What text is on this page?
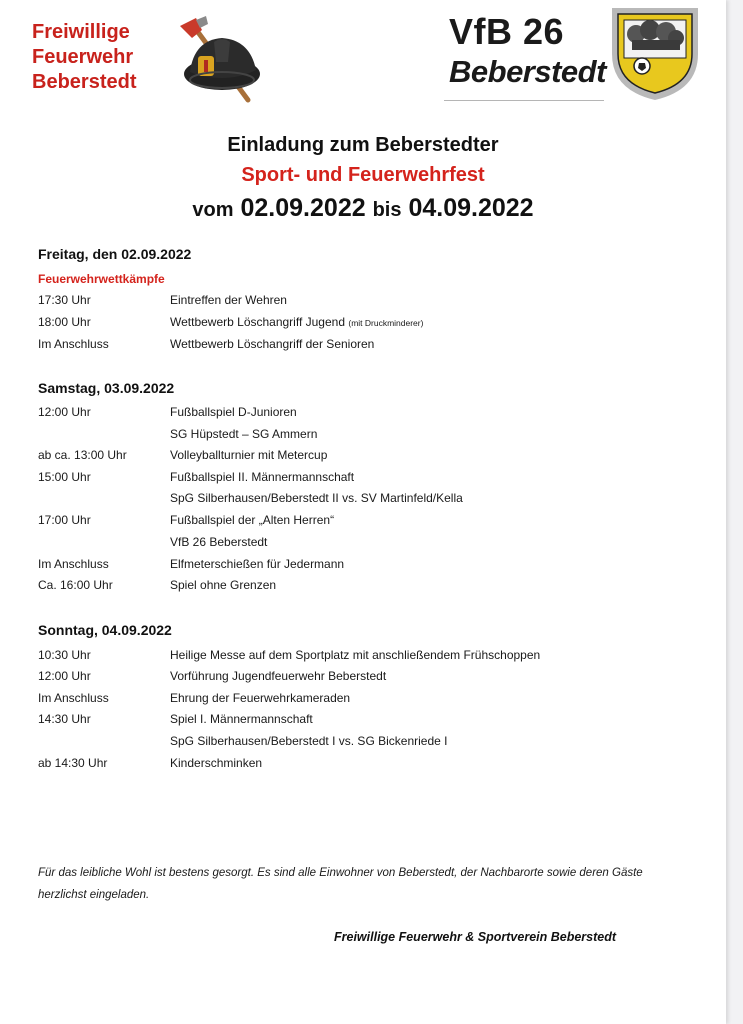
Freiwillige
Feuerwehr
Beberstedt
VfB 26
Beberstedt
Einladung zum Beberstedter
Sport- und Feuerwehrfest
vom 02.09.2022 bis 04.09.2022
Freitag, den 02.09.2022
Feuerwehrwettkämpfe
17:30 Uhr	Eintreffen der Wehren
18:00 Uhr	Wettbewerb Löschangriff Jugend (mit Druckminderer)
Im Anschluss	Wettbewerb Löschangriff der Senioren
Samstag, 03.09.2022
12:00 Uhr	Fußballspiel D-Junioren
SG Hüpstedt – SG Ammern
ab ca. 13:00 Uhr	Volleyballturnier mit Metercup
15:00 Uhr	Fußballspiel II. Männermannschaft
SpG Silberhausen/Beberstedt II vs. SV Martinfeld/Kella
17:00 Uhr	Fußballspiel der „Alten Herren“
VfB 26 Beberstedt
Im Anschluss	Elfmeterschießen für Jedermann
Ca. 16:00 Uhr	Spiel ohne Grenzen
Sonntag, 04.09.2022
10:30 Uhr	Heilige Messe auf dem Sportplatz mit anschließendem Frühschoppen
12:00 Uhr	Vorführung Jugendfeuerwehr Beberstedt
Im Anschluss	Ehrung der Feuerwehrkameraden
14:30 Uhr	Spiel I. Männermannschaft
SpG Silberhausen/Beberstedt I vs. SG Bickenriede I
ab 14:30 Uhr	Kinderschminken
Für das leibliche Wohl ist bestens gesorgt. Es sind alle Einwohner von Beberstedt, der Nachbarorte sowie deren Gäste herzlichst eingeladen.
Freiwillige Feuerwehr & Sportverein Beberstedt
